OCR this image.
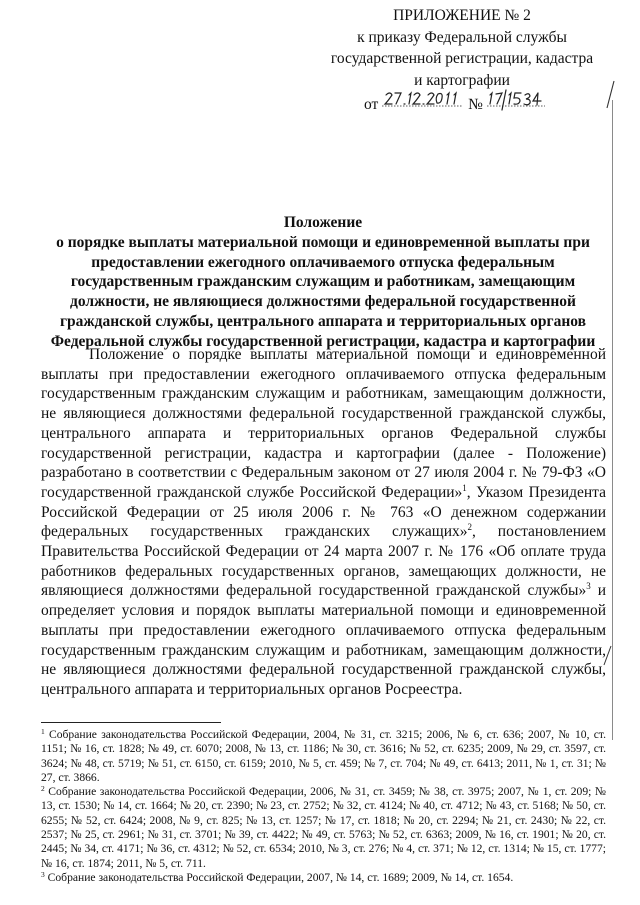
ПРИЛОЖЕНИЕ № 2
к приказу Федеральной службы
государственной регистрации, кадастра
и картографии
от	№
Положение
о порядке выплаты материальной помощи и единовременной выплаты при
предоставлении ежегодного оплачиваемого отпуска федеральным
государственным гражданским служащим и работникам, замещающим
должности, не являющиеся должностями федеральной государственной
гражданской службы, центрального аппарата и территориальных органов
Федеральной службы государственной регистрации, кадастра и картографии

Положение о порядке выплаты материальной помощи и единовременной выплаты при предоставлении ежегодного оплачиваемого отпуска федеральным государственным гражданским служащим и работникам, замещающим должности, не являющиеся должностями федеральной государственной гражданской службы, центрального аппарата и территориальных органов Федеральной службы государственной регистрации, кадастра и картографии (далее - Положение) разработано в соответствии с Федеральным законом от 27 июля 2004 г. № 79-ФЗ «О государственной гражданской службе Российской Федерации»$^1$, Указом Президента Российской Федерации от 25 июля 2006 г. № 763 «О денежном содержании федеральных государственных гражданских служащих»$^2$, постановлением Правительства Российской Федерации от 24 марта 2007 г. № 176 «Об оплате труда работников федеральных государственных органов, замещающих должности, не являющиеся должностями федеральной государственной гражданской службы»$^3$ и определяет условия и порядок выплаты материальной помощи и единовременной выплаты при предоставлении ежегодного оплачиваемого отпуска федеральным государственным гражданским служащим и работникам, замещающим должности, не являющиеся должностями федеральной государственной гражданской службы, центрального аппарата и территориальных органов Росреестра.

$^1$ Собрание законодательства Российской Федерации, 2004, № 31, ст. 3215; 2006, № 6, ст. 636; 2007, № 10, ст. 1151; № 16, ст. 1828; № 49, ст. 6070; 2008, № 13, ст. 1186; № 30, ст. 3616; № 52, ст. 6235; 2009, № 29, ст. 3597, ст. 3624; № 48, ст. 5719; № 51, ст. 6150, ст. 6159; 2010, № 5, ст. 459; № 7, ст. 704; № 49, ст. 6413; 2011, № 1, ст. 31; № 27, ст. 3866.

$^2$ Собрание законодательства Российской Федерации, 2006, № 31, ст. 3459; № 38, ст. 3975; 2007, № 1, ст. 209; № 13, ст. 1530; № 14, ст. 1664; № 20, ст. 2390; № 23, ст. 2752; № 32, ст. 4124; № 40, ст. 4712; № 43, ст. 5168; № 50, ст. 6255; № 52, ст. 6424; 2008, № 9, ст. 825; № 13, ст. 1257; № 17, ст. 1818; № 20, ст. 2294; № 21, ст. 2430; № 22, ст. 2537; № 25, ст. 2961; № 31, ст. 3701; № 39, ст. 4422; № 49, ст. 5763; № 52, ст. 6363; 2009, № 16, ст. 1901; № 20, ст. 2445; № 34, ст. 4171; № 36, ст. 4312; № 52, ст. 6534; 2010, № 3, ст. 276; № 4, ст. 371; № 12, ст. 1314; № 15, ст. 1777; № 16, ст. 1874; 2011, № 5, ст. 711.

$^3$ Собрание законодательства Российской Федерации, 2007, № 14, ст. 1689; 2009, № 14, ст. 1654.
